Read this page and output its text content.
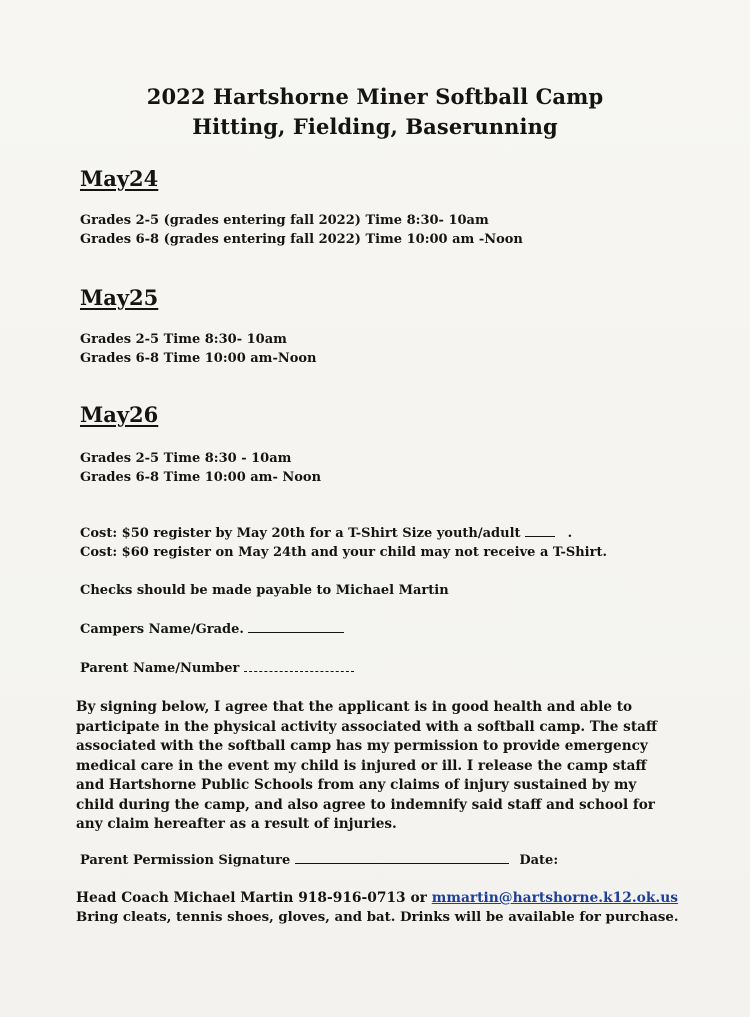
2022 Hartshorne Miner Softball Camp
Hitting, Fielding, Baserunning
May24
Grades 2-5 (grades entering fall 2022) Time 8:30- 10am
Grades 6-8 (grades entering fall 2022) Time 10:00 am -Noon
May25
Grades 2-5 Time 8:30- 10am
Grades 6-8 Time 10:00 am-Noon
May26
Grades 2-5 Time 8:30 - 10am
Grades 6-8 Time 10:00 am- Noon
Cost: $50 register by May 20th for a T-Shirt Size youth/adult	.
Cost: $60 register on May 24th and your child may not receive a T-Shirt.
Checks should be made payable to Michael Martin
Campers Name/Grade.
Parent Name/Number
By signing below, I agree that the applicant is in good health and able to participate in the physical activity associated with a softball camp. The staff associated with the softball camp has my permission to provide emergency medical care in the event my child is injured or ill. I release the camp staff and Hartshorne Public Schools from any claims of injury sustained by my child during the camp, and also agree to indemnify said staff and school for any claim hereafter as a result of injuries.
Parent Permission Signature	Date:
Head Coach Michael Martin 918-916-0713 or mmartin@hartshorne.k12.ok.us
Bring cleats, tennis shoes, gloves, and bat. Drinks will be available for purchase.
